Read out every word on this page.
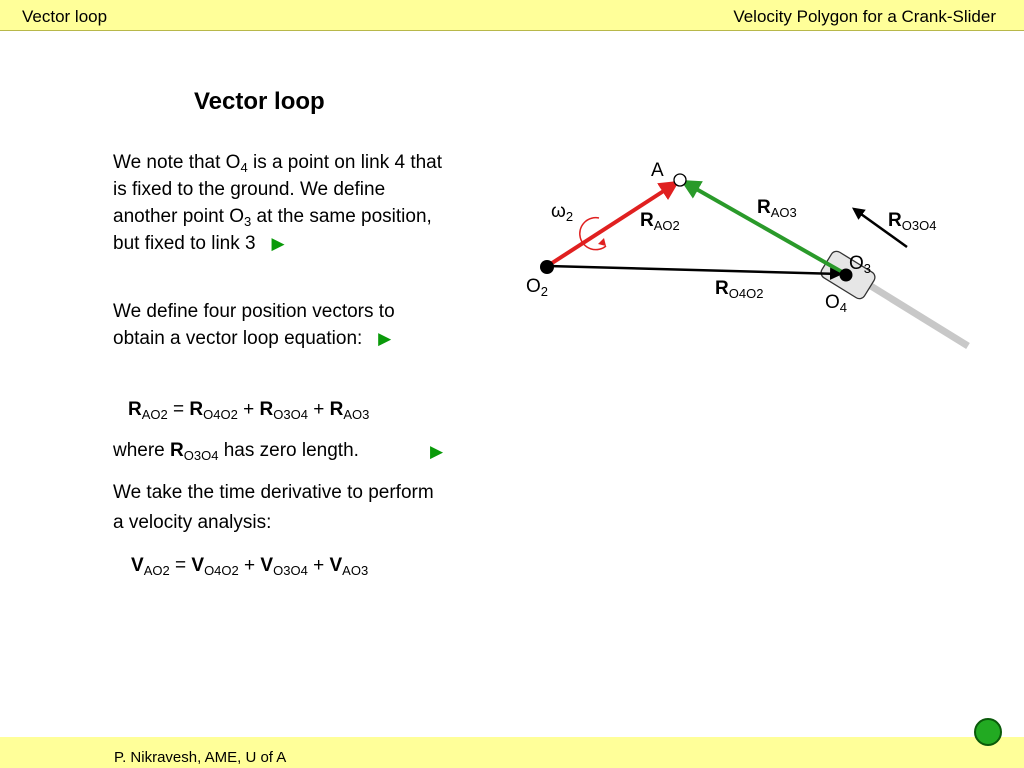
Vector loop	Velocity Polygon for a Crank-Slider
Vector loop
We note that $O_4$ is a point on link 4 that is fixed to the ground. We define another point $O_3$ at the same position, but fixed to link 3 ▶
We define four position vectors to obtain a vector loop equation: ▶
$R_{AO2} = R_{O4O2} + R_{O3O4} + R_{AO3}$
where $R_{O3O4}$ has zero length.	▶
We take the time derivative to perform a velocity analysis:
$V_{AO2} = V_{O4O2} + V_{O3O4} + V_{AO3}$
A
$\omega_2$	$R_{AO2}$
$R_{AO3}$	$R_{O3O4}$
$R_{O4O2}$
$O_2$
$O_3$
$O_4$
P. Nikravesh, AME, U of A
